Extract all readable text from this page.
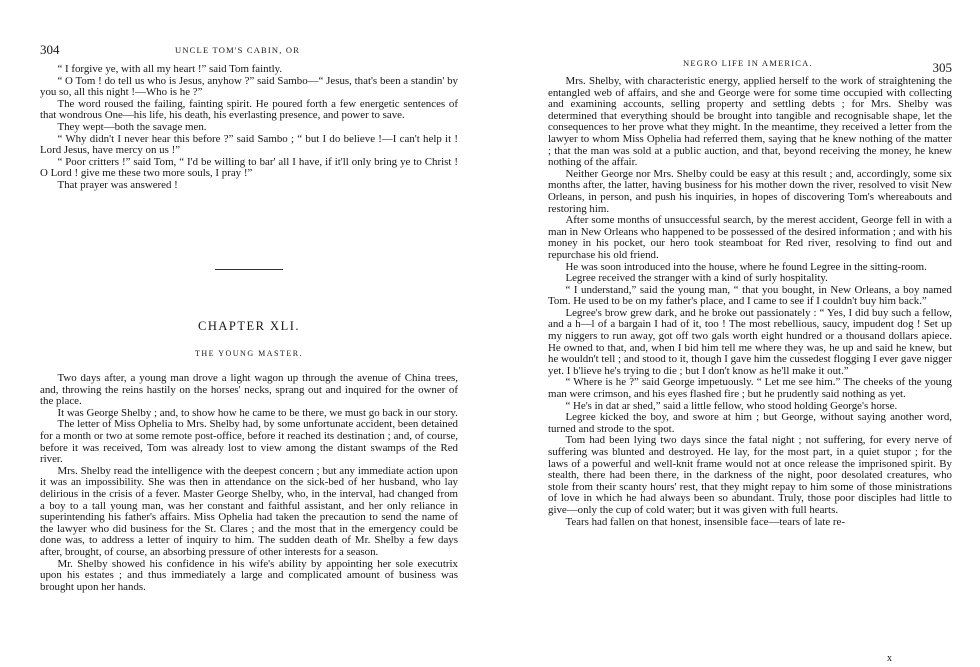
304	UNCLE TOM'S CABIN, OR

“ I forgive ye, with all my heart !” said Tom faintly.

“ O Tom ! do tell us who is Jesus, anyhow ?” said Sambo—“ Jesus, that's been a standin' by you so, all this night !—Who is he ?”

The word roused the failing, fainting spirit. He poured forth a few energetic sentences of that wondrous One—his life, his death, his everlasting presence, and power to save.

They wept—both the savage men.

“ Why didn't I never hear this before ?” said Sambo ; “ but I do believe !—I can't help it ! Lord Jesus, have mercy on us !”

“ Poor critters !” said Tom, “ I'd be willing to bar' all I have, if it'll only bring ye to Christ ! O Lord ! give me these two more souls, I pray !”

That prayer was answered !

CHAPTER XLI.
THE YOUNG MASTER.

Two days after, a young man drove a light wagon up through the avenue of China trees, and, throwing the reins hastily on the horses' necks, sprang out and inquired for the owner of the place.

It was George Shelby ; and, to show how he came to be there, we must go back in our story.

The letter of Miss Ophelia to Mrs. Shelby had, by some unfortunate accident, been detained for a month or two at some remote post-office, before it reached its destination ; and, of course, before it was received, Tom was already lost to view among the distant swamps of the Red river.

Mrs. Shelby read the intelligence with the deepest concern ; but any immediate action upon it was an impossibility. She was then in attendance on the sick-bed of her husband, who lay delirious in the crisis of a fever. Master George Shelby, who, in the interval, had changed from a boy to a tall young man, was her constant and faithful assistant, and her only reliance in superintending his father's affairs. Miss Ophelia had taken the precaution to send the name of the lawyer who did business for the St. Clares ; and the most that in the emergency could be done was, to address a letter of inquiry to him. The sudden death of Mr. Shelby a few days after, brought, of course, an absorbing pressure of other interests for a season.

Mr. Shelby showed his confidence in his wife's ability by appointing her sole executrix upon his estates ; and thus immediately a large and complicated amount of business was brought upon her hands.

NEGRO LIFE IN AMERICA.	305

Mrs. Shelby, with characteristic energy, applied herself to the work of straightening the entangled web of affairs, and she and George were for some time occupied with collecting and examining accounts, selling property and settling debts ; for Mrs. Shelby was determined that everything should be brought into tangible and recognisable shape, let the consequences to her prove what they might. In the meantime, they received a letter from the lawyer to whom Miss Ophelia had referred them, saying that he knew nothing of the matter ; that the man was sold at a public auction, and that, beyond receiving the money, he knew nothing of the affair.

Neither George nor Mrs. Shelby could be easy at this result ; and, accordingly, some six months after, the latter, having business for his mother down the river, resolved to visit New Orleans, in person, and push his inquiries, in hopes of discovering Tom's whereabouts and restoring him.

After some months of unsuccessful search, by the merest accident, George fell in with a man in New Orleans who happened to be possessed of the desired information ; and with his money in his pocket, our hero took steamboat for Red river, resolving to find out and repurchase his old friend.

He was soon introduced into the house, where he found Legree in the sitting-room.

Legree received the stranger with a kind of surly hospitality.

“ I understand,” said the young man, “ that you bought, in New Orleans, a boy named Tom. He used to be on my father's place, and I came to see if I couldn't buy him back.”

Legree's brow grew dark, and he broke out passionately : “ Yes, I did buy such a fellow, and a h—l of a bargain I had of it, too ! The most rebellious, saucy, impudent dog ! Set up my niggers to run away, got off two gals worth eight hundred or a thousand dollars apiece. He owned to that, and, when I bid him tell me where they was, he up and said he knew, but he wouldn't tell ; and stood to it, though I gave him the cussedest flogging I ever gave nigger yet. I b'lieve he's trying to die ; but I don't know as he'll make it out.”

“ Where is he ?” said George impetuously. “ Let me see him.” The cheeks of the young man were crimson, and his eyes flashed fire ; but he prudently said nothing as yet.

“ He's in dat ar shed,” said a little fellow, who stood holding George's horse.

Legree kicked the boy, and swore at him ; but George, without saying another word, turned and strode to the spot.

Tom had been lying two days since the fatal night ; not suffering, for every nerve of suffering was blunted and destroyed. He lay, for the most part, in a quiet stupor ; for the laws of a powerful and well-knit frame would not at once release the imprisoned spirit. By stealth, there had been there, in the darkness of the night, poor desolated creatures, who stole from their scanty hours' rest, that they might repay to him some of those ministrations of love in which he had always been so abundant. Truly, those poor disciples had little to give—only the cup of cold water; but it was given with full hearts.

Tears had fallen on that honest, insensible face—tears of late re-

x
